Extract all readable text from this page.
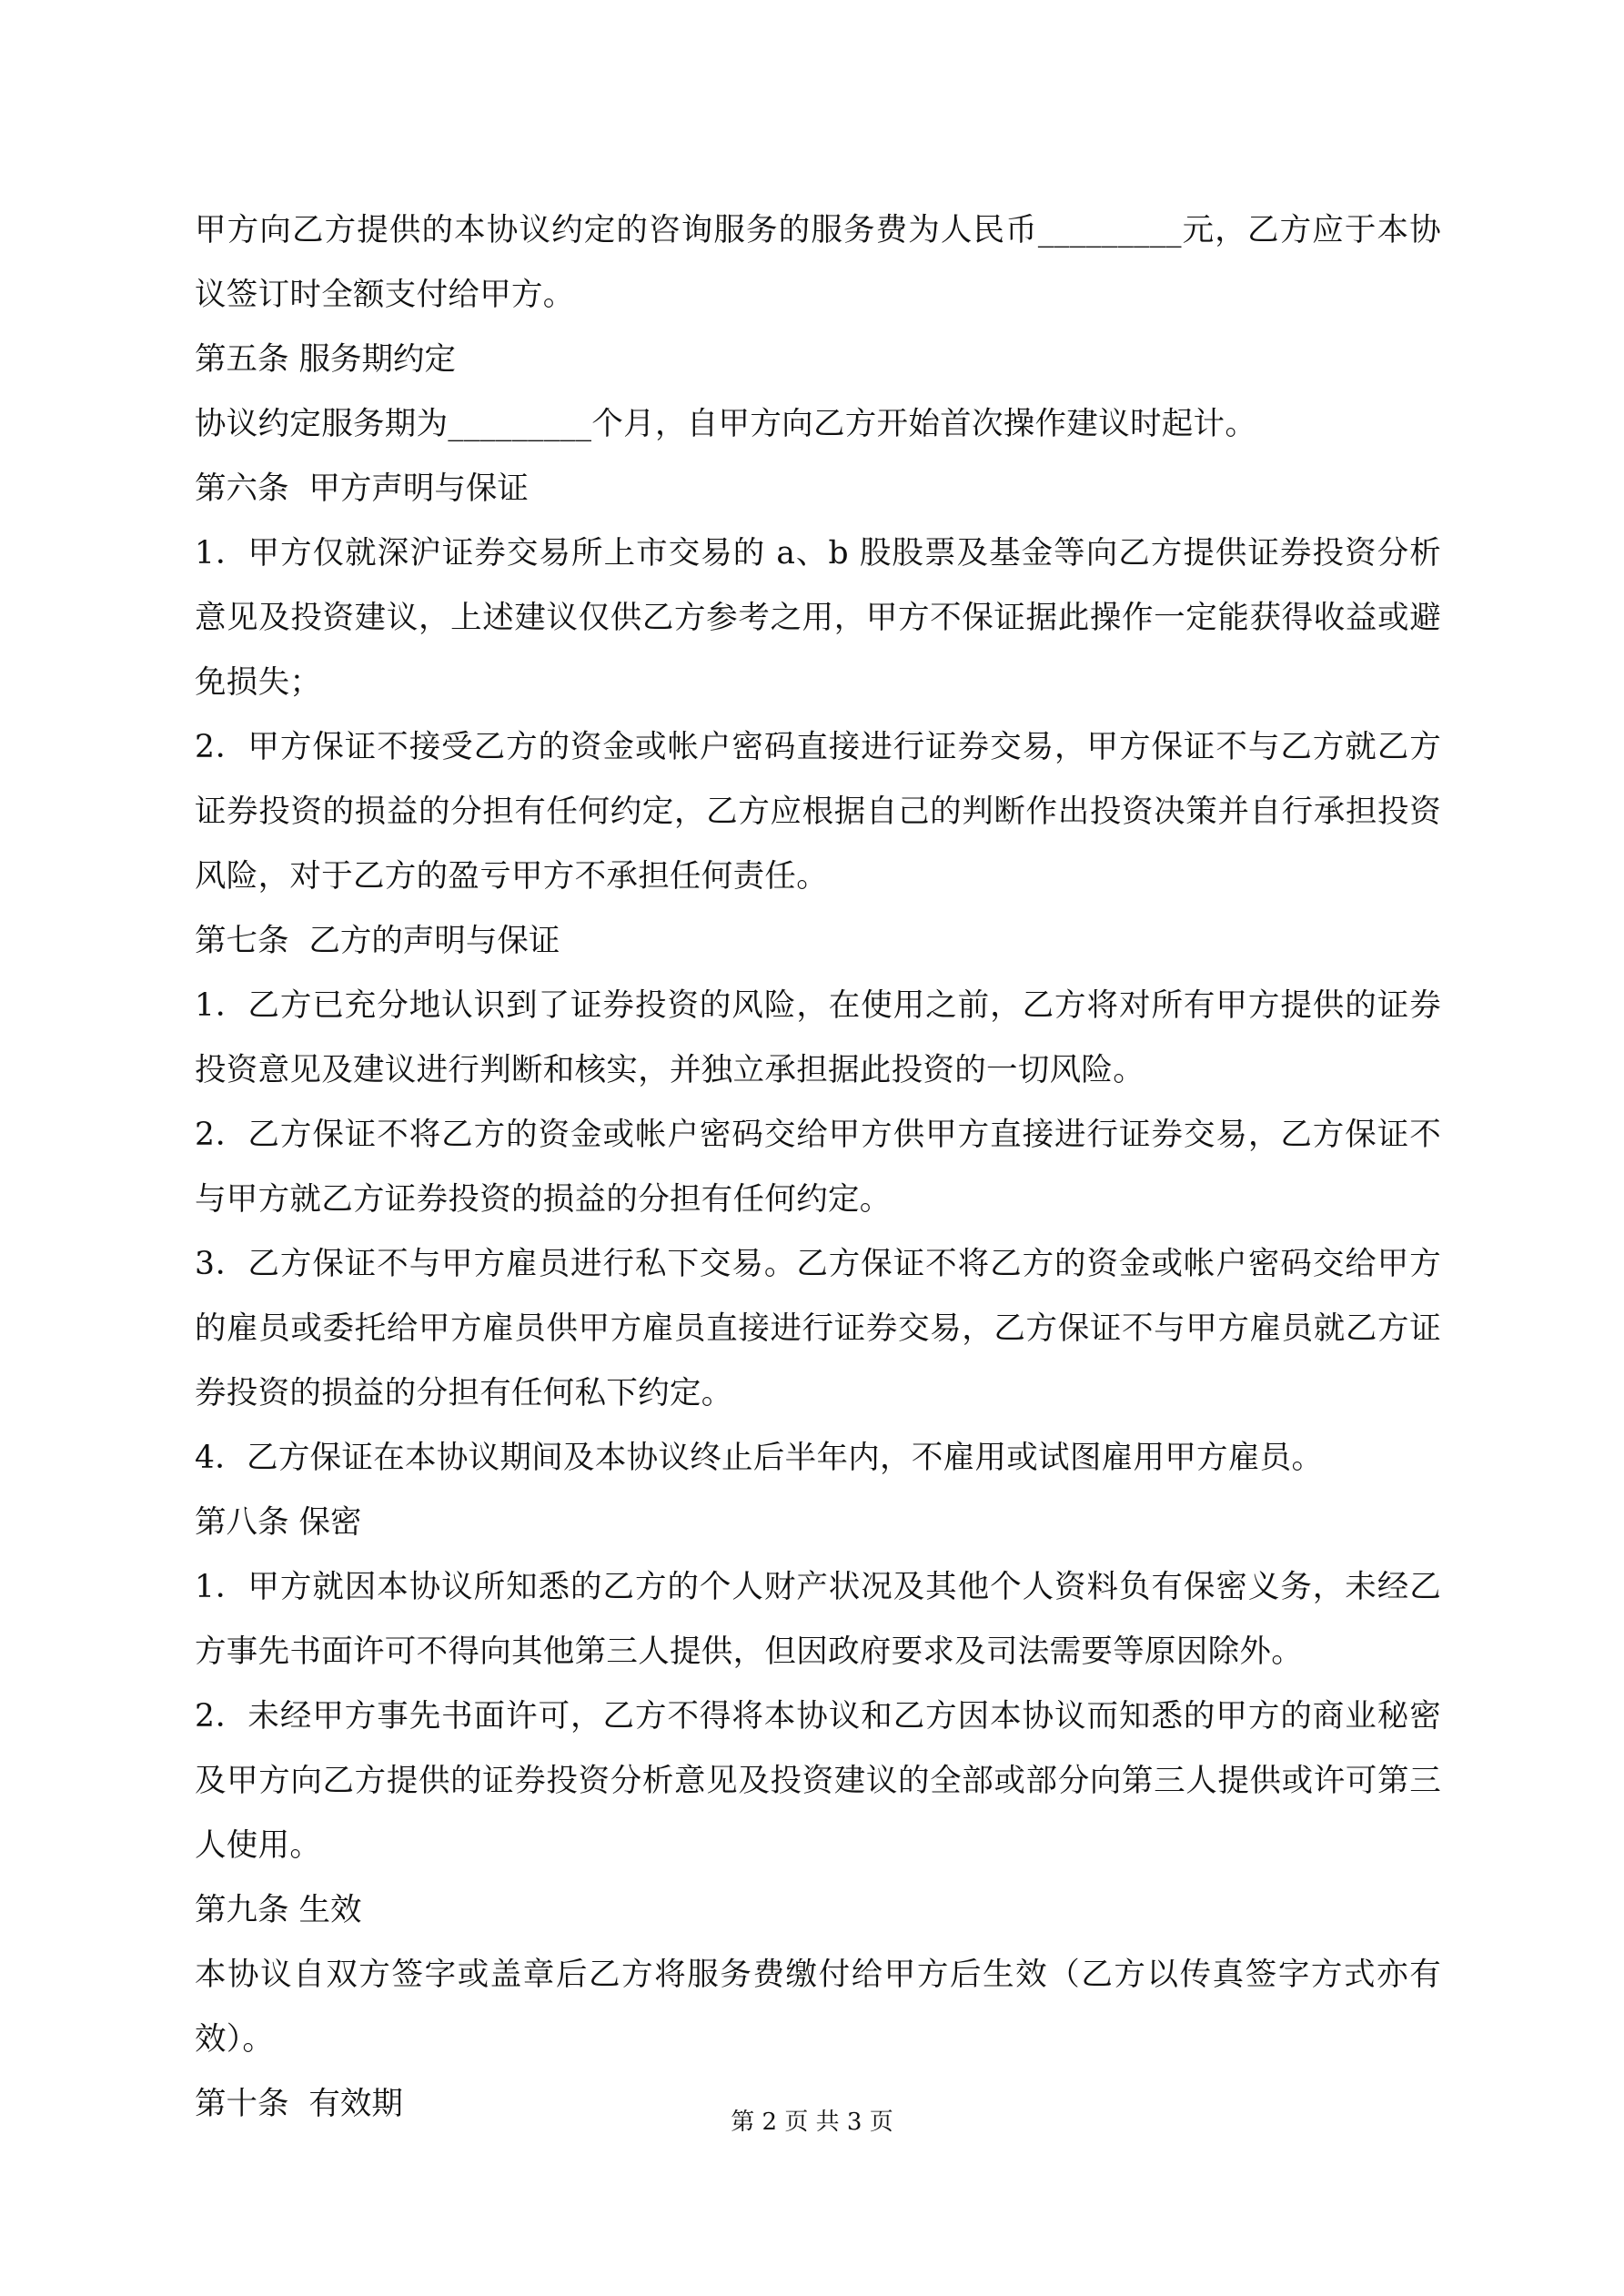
甲方向乙方提供的本协议约定的咨询服务的服务费为人民币_________元，乙方应于本协议签订时全额支付给甲方。

第五条 服务期约定

协议约定服务期为_________个月，自甲方向乙方开始首次操作建议时起计。

第六条  甲方声明与保证

1．甲方仅就深沪证券交易所上市交易的 a、b 股股票及基金等向乙方提供证券投资分析意见及投资建议，上述建议仅供乙方参考之用，甲方不保证据此操作一定能获得收益或避免损失；

2．甲方保证不接受乙方的资金或帐户密码直接进行证券交易，甲方保证不与乙方就乙方证券投资的损益的分担有任何约定，乙方应根据自己的判断作出投资决策并自行承担投资风险，对于乙方的盈亏甲方不承担任何责任。

第七条  乙方的声明与保证

1．乙方已充分地认识到了证券投资的风险，在使用之前，乙方将对所有甲方提供的证券投资意见及建议进行判断和核实，并独立承担据此投资的一切风险。

2．乙方保证不将乙方的资金或帐户密码交给甲方供甲方直接进行证券交易，乙方保证不与甲方就乙方证券投资的损益的分担有任何约定。

3．乙方保证不与甲方雇员进行私下交易。乙方保证不将乙方的资金或帐户密码交给甲方的雇员或委托给甲方雇员供甲方雇员直接进行证券交易，乙方保证不与甲方雇员就乙方证券投资的损益的分担有任何私下约定。

4．乙方保证在本协议期间及本协议终止后半年内，不雇用或试图雇用甲方雇员。

第八条 保密

1．甲方就因本协议所知悉的乙方的个人财产状况及其他个人资料负有保密义务，未经乙方事先书面许可不得向其他第三人提供，但因政府要求及司法需要等原因除外。

2．未经甲方事先书面许可，乙方不得将本协议和乙方因本协议而知悉的甲方的商业秘密及甲方向乙方提供的证券投资分析意见及投资建议的全部或部分向第三人提供或许可第三人使用。

第九条 生效

本协议自双方签字或盖章后乙方将服务费缴付给甲方后生效（乙方以传真签字方式亦有效）。

第十条  有效期	第 2 页 共 3 页
